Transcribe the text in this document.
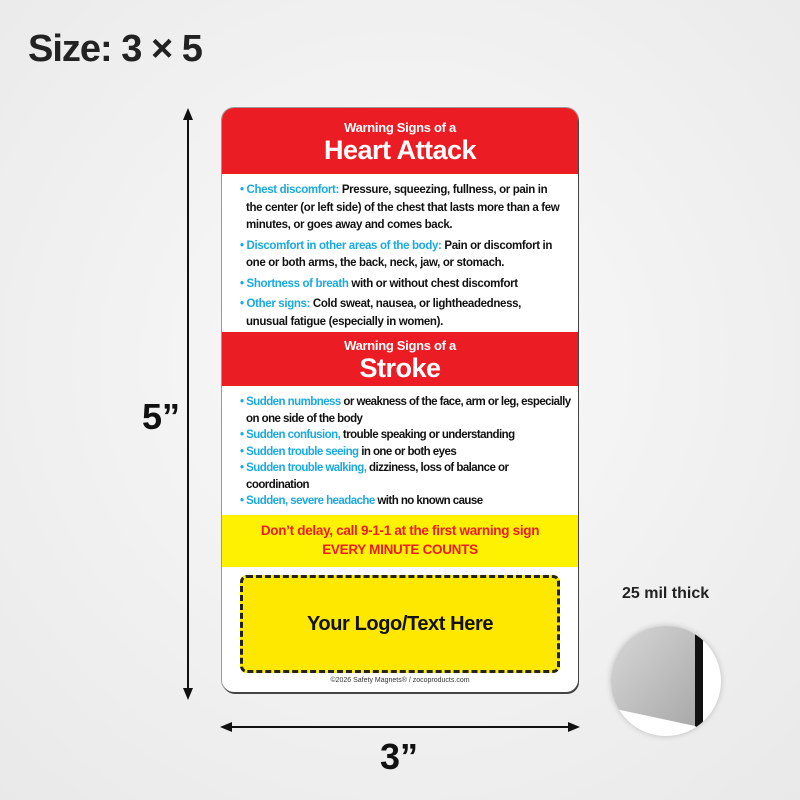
Size: 3 × 5
5”
3”
Warning Signs of a
Heart Attack
• Chest discomfort: Pressure, squeezing, fullness, or pain in the center (or left side) of the chest that lasts more than a few minutes, or goes away and comes back.
• Discomfort in other areas of the body: Pain or discomfort in one or both arms, the back, neck, jaw, or stomach.
• Shortness of breath with or without chest discomfort
• Other signs: Cold sweat, nausea, or lightheadedness, unusual fatigue (especially in women).
Warning Signs of a
Stroke
• Sudden numbness or weakness of the face, arm or leg, especially on one side of the body
• Sudden confusion, trouble speaking or understanding
• Sudden trouble seeing in one or both eyes
• Sudden trouble walking, dizziness, loss of balance or coordination
• Sudden, severe headache with no known cause
Don’t delay, call 9-1-1 at the first warning sign
EVERY MINUTE COUNTS
Your Logo/Text Here
©2026 Safety Magnets® / zocoproducts.com
25 mil thick
